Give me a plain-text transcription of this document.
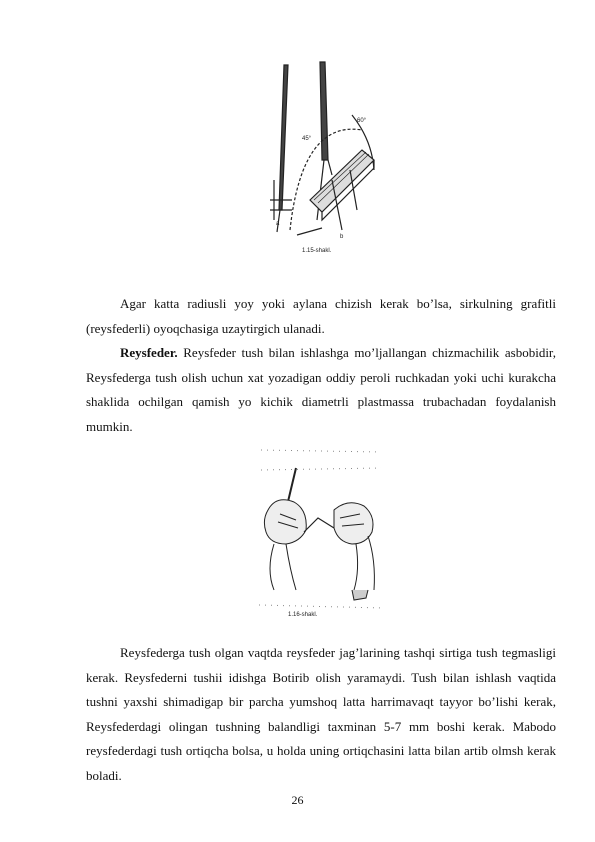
a
b
45°
60°
1.15-shakl.

Agar katta radiusli yoy yoki aylana chizish kerak bo’lsa, sirkulning grafitli (reysfederli) oyoqchasiga uzaytirgich ulanadi.

Reysfeder. Reysfeder tush bilan ishlashga mo’ljallangan chizmachilik asbobidir, Reysfederga tush olish uchun xat yozadigan oddiy peroli ruchkadan yoki uchi kurakcha shaklida ochilgan qamish yo kichik diametrli plastmassa trubachadan foydalanish mumkin.

1.16-shakl.

Reysfederga tush olgan vaqtda reysfeder jag’larining tashqi sirtiga tush tegmasligi kerak. Reysfederni tushii idishga Botirib olish yaramaydi. Tush bilan ishlash vaqtida tushni yaxshi shimadigap bir parcha yumshoq latta harrimavaqt tayyor bo’lishi kerak, Reysfederdagi olingan tushning balandligi taxminan 5-7 mm boshi kerak. Mabodo reysfederdagi tush ortiqcha bolsa, u holda uning ortiqchasini latta bilan artib olmsh kerak boladi.

26
